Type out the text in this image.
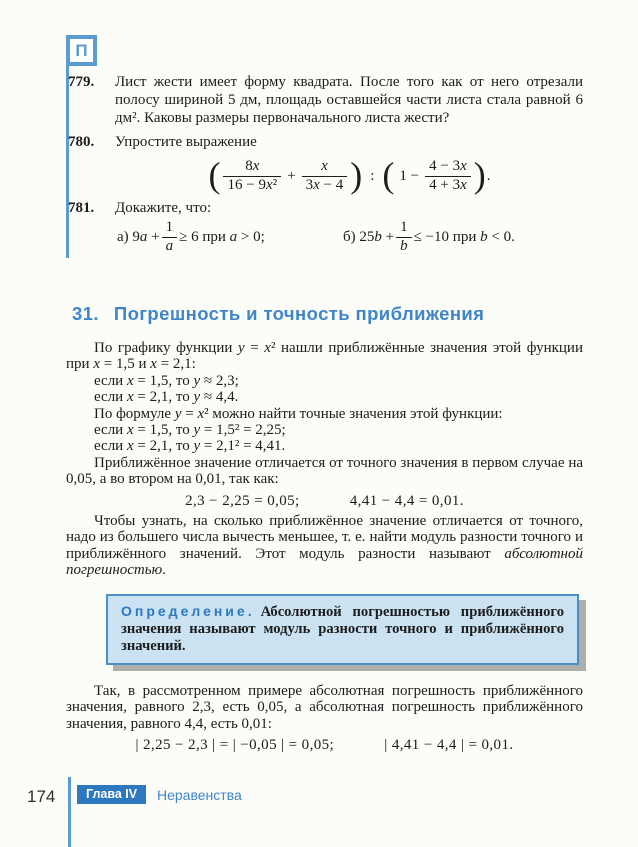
П
779.	Лист жести имеет форму квадрата. После того как от него отрезали полосу шириной 5 дм, площадь оставшейся части листа стала равной 6 дм². Каковы размеры первоначального листа жести?
780.	Упростите выражение
( $\frac{8x}{\text{16 − 9x²}} + \frac{x}{3x - 4}$ ) : ( $1 - \frac{4 - 3x}{4 + 3x}$ ) .
781.	Докажите, что:
а) $9a + \frac{1}{a} \ge 6$ при a > 0;	б) $25b + \frac{1}{b} \le -10$ при b < 0.
31. Погрешность и точность приближения

По графику функции y = x² нашли приближённые значения этой функции при x = 1,5 и x = 2,1:

если x = 1,5, то y ≈ 2,3;
если x = 2,1, то y ≈ 4,4.

По формуле y = x² можно найти точные значения этой функции:

если x = 1,5, то y = 1,5² = 2,25;
если x = 2,1, то y = 2,1² = 4,41.

Приближённое значение отличается от точного значения в первом случае на 0,05, а во втором на 0,01, так как:

2,3 − 2,25 = 0,05;	4,41 − 4,4 = 0,01.

Чтобы узнать, на сколько приближённое значение отличается от точного, надо из большего числа вычесть меньшее, т. е. найти модуль разности точного и приближённого значений. Этот модуль разности называют абсолютной погрешностью.

Определение. Абсолютной погрешностью приближённого значения называют модуль разности точного и приближённого значений.

Так, в рассмотренном примере абсолютная погрешность приближённого значения, равного 2,3, есть 0,05, а абсолютная погрешность приближённого значения, равного 4,4, есть 0,01:

| 2,25 − 2,3 | = | −0,05 | = 0,05;	| 4,41 − 4,4 | = 0,01.
174	Глава IV	Неравенства
